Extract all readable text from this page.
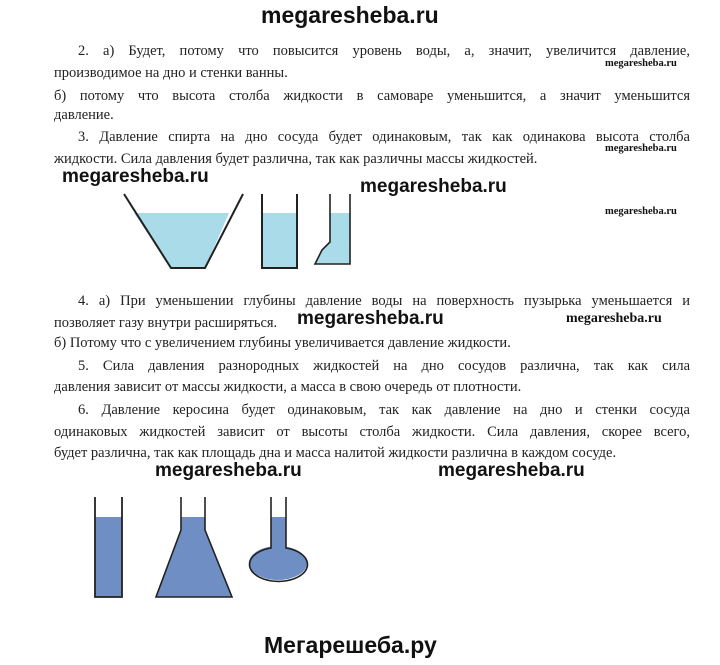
megaresheba.ru
2. а) Будет, потому что повысится уровень воды, а, значит, увеличится давление,
megaresheba.ru
производимое на дно и стенки ванны.
б) потому что высота столба жидкости в самоваре уменьшится, а значит уменьшится
давление.
3. Давление спирта на дно сосуда будет одинаковым, так как одинакова высота столба
megaresheba.ru
жидкости. Сила давления будет различна, так как различны массы жидкостей.
megaresheba.ru	megaresheba.ru
megaresheba.ru
4. а) При уменьшении глубины давление воды на поверхность пузырька уменьшается и
позволяет газу внутри расширяться. megaresheba.ru	megaresheba.ru
б) Потому что с увеличением глубины увеличивается давление жидкости.
5. Сила давления разнородных жидкостей на дно сосудов различна, так как сила
давления зависит от массы жидкости, а масса в свою очередь от плотности.
6. Давление керосина будет одинаковым, так как давление на дно и стенки сосуда
одинаковых жидкостей зависит от высоты столба жидкости. Сила давления, скорее всего,
будет различна, так как площадь дна и масса налитой жидкости различна в каждом сосуде.
megaresheba.ru	megaresheba.ru
Мегарешеба.ру
